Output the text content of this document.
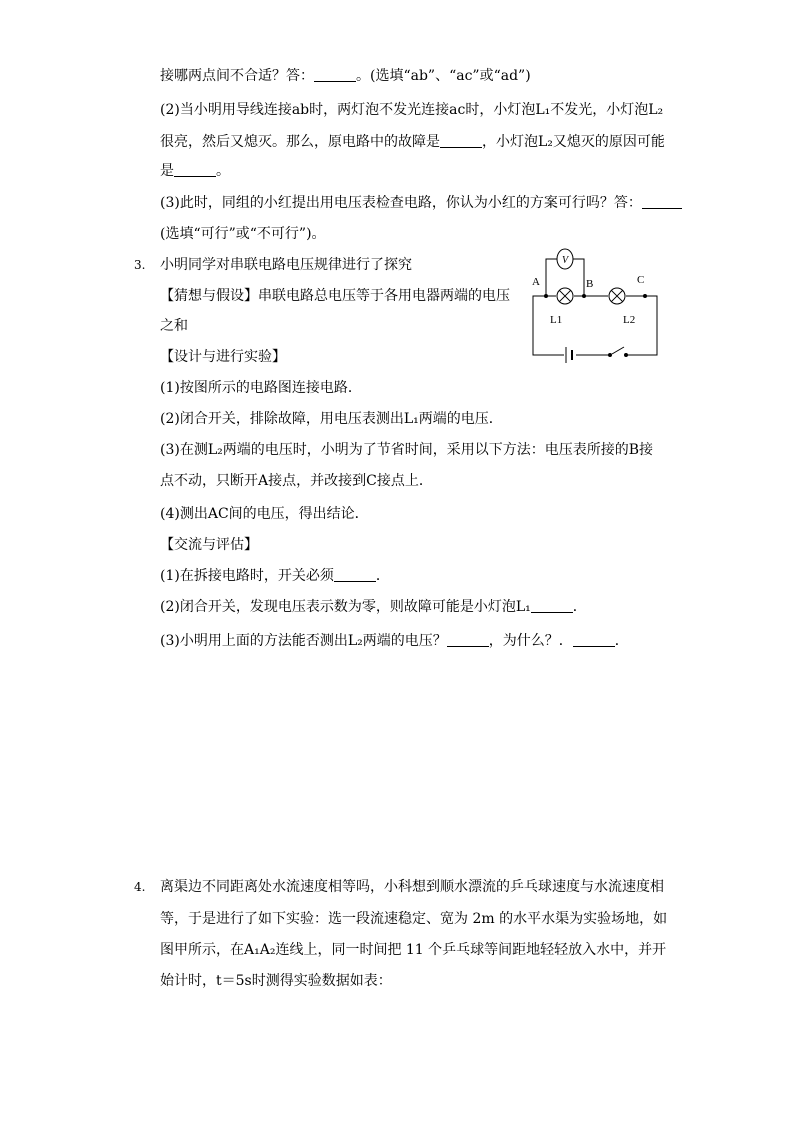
接哪两点间不合适？答：	。(选填“ab”、“ac”或“ad”)
(2)当小明用导线连接ab时，两灯泡不发光连接ac时，小灯泡L₁不发光，小灯泡L₂
很亮，然后又熄灭。那么，原电路中的故障是	，小灯泡L₂又熄灭的原因可能
是	。
(3)此时，同组的小红提出用电压表检查电路，你认为小红的方案可行吗？答：
(选填“可行”或“不可行”)。
3. 小明同学对串联电路电压规律进行了探究
【猜想与假设】串联电路总电压等于各用电器两端的电压
之和
【设计与进行实验】
(1)按图所示的电路图连接电路．
(2)闭合开关，排除故障，用电压表测出L₁两端的电压．
(3)在测L₂两端的电压时，小明为了节省时间，采用以下方法：电压表所接的B接
点不动，只断开A接点，并改接到C接点上．
(4)测出AC间的电压，得出结论．
【交流与评估】
(1)在拆接电路时，开关必须	．
(2)闭合开关，发现电压表示数为零，则故障可能是小灯泡L₁	．
(3)小明用上面的方法能否测出L₂两端的电压？	，为什么？．	．
V
A	B	C
L1	L2
4. 离渠边不同距离处水流速度相等吗，小科想到顺水漂流的乒乓球速度与水流速度相
等，于是进行了如下实验：选一段流速稳定、宽为 2m 的水平水渠为实验场地，如
图甲所示，在A₁A₂连线上，同一时间把 11 个乒乓球等间距地轻轻放入水中，并开
始计时，t＝5s时测得实验数据如表：
